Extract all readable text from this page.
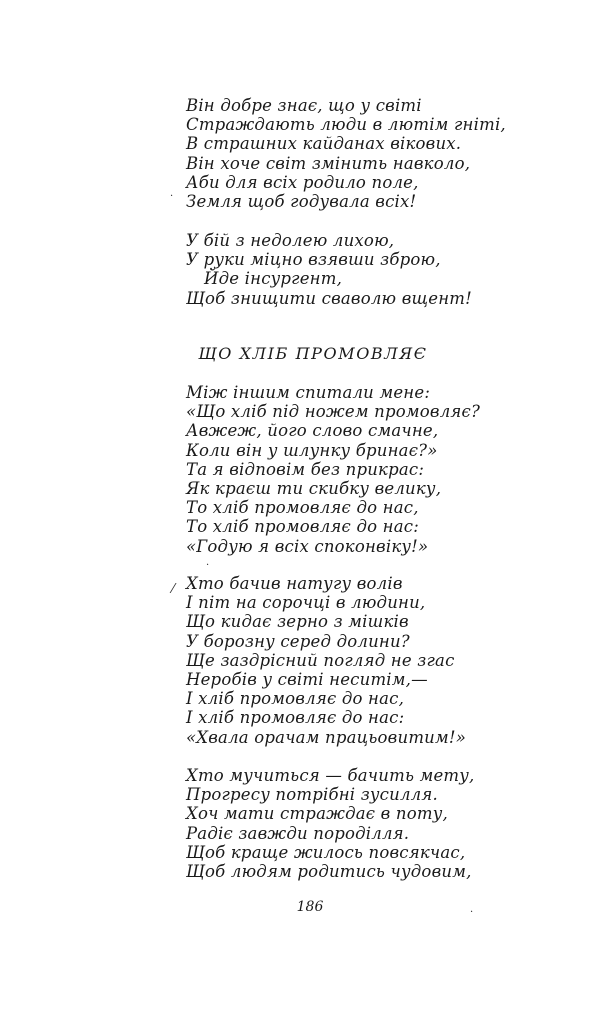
Він добре знає, що у світі
Страждають люди в лютім гніті,
В страшних кайданах вікових.
Він хоче світ змінить навколо,
Аби для всіх родило поле,
Земля щоб годувала всіх!
У бій з недолею лихою,
У руки міцно взявши зброю,
Йде інсургент,
Щоб знищити сваволю вщент!
ЩО ХЛІБ ПРОМОВЛЯЄ
Між іншим спитали мене:
«Що хліб під ножем промовляє?
Авжеж, його слово смачне,
Коли він у шлунку бринає?»
Та я відповім без прикрас:
Як краєш ти скибку велику,
То хліб промовляє до нас,
То хліб промовляє до нас:
«Годую я всіх споконвіку!»
Хто бачив натугу волів
І піт на сорочці в людини,
Що кидає зерно з мішків
У борозну серед долини?
Ще заздрісний погляд не згас
Неробів у світі неситім,—
І хліб промовляє до нас,
І хліб промовляє до нас:
«Хвала орачам працьовитим!»
Хто мучиться — бачить мету,
Прогресу потрібні зусилля.
Хоч мати страждає в поту,
Радіє завжди породілля.
Щоб краще жилось повсякчас,
Щоб людям родитись чудовим,
186
·
·
⁄
·
